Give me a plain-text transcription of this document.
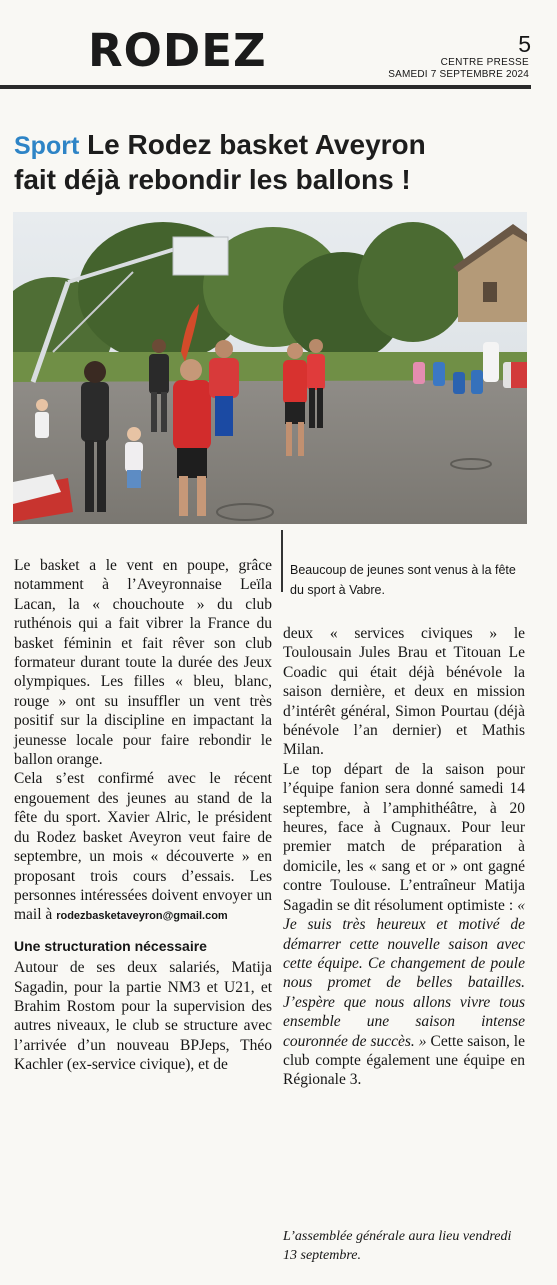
RODEZ	5
CENTRE PRESSE
SAMEDI 7 SEPTEMBRE 2024
Sport Le Rodez basket Aveyron
fait déjà rebondir les ballons !
Beaucoup de jeunes sont venus à la fête du sport à Vabre.

Le basket a le vent en poupe, grâce notamment à l’Aveyronnaise Leïla Lacan, la « chouchoute » du club ruthénois qui a fait vibrer la France du basket féminin et fait rêver son club formateur durant toute la durée des Jeux olympiques. Les filles « bleu, blanc, rouge » ont su insuffler un vent très positif sur la discipline en impactant la jeunesse locale pour faire rebondir le ballon orange.

Cela s’est confirmé avec le récent engouement des jeunes au stand de la fête du sport. Xavier Alric, le président du Rodez basket Aveyron veut faire de septembre, un mois « découverte » en proposant trois cours d’essais. Les personnes intéressées doivent envoyer un mail à rodezbasketaveyron@gmail.com

Une structuration nécessaire

Autour de ses deux salariés, Matija Sagadin, pour la partie NM3 et U21, et Brahim Rostom pour la supervision des autres niveaux, le club se structure avec l’arrivée d’un nouveau BPJeps, Théo Kachler (ex-service civique), et de

deux « services civiques » le Toulousain Jules Brau et Titouan Le Coadic qui était déjà bénévole la saison dernière, et deux en mission d’intérêt général, Simon Pourtau (déjà bénévole l’an dernier) et Mathis Milan.

Le top départ de la saison pour l’équipe fanion sera donné samedi 14 septembre, à l’amphithéâtre, à 20 heures, face à Cugnaux. Pour leur premier match de préparation à domicile, les « sang et or » ont gagné contre Toulouse. L’entraîneur Matija Sagadin se dit résolument optimiste : « Je suis très heureux et motivé de démarrer cette nouvelle saison avec cette équipe. Ce changement de poule nous promet de belles batailles. J’espère que nous allons vivre tous ensemble une saison intense couronnée de succès. » Cette saison, le club compte également une équipe en Régionale 3.

L’assemblée générale aura lieu vendredi 13 septembre.
